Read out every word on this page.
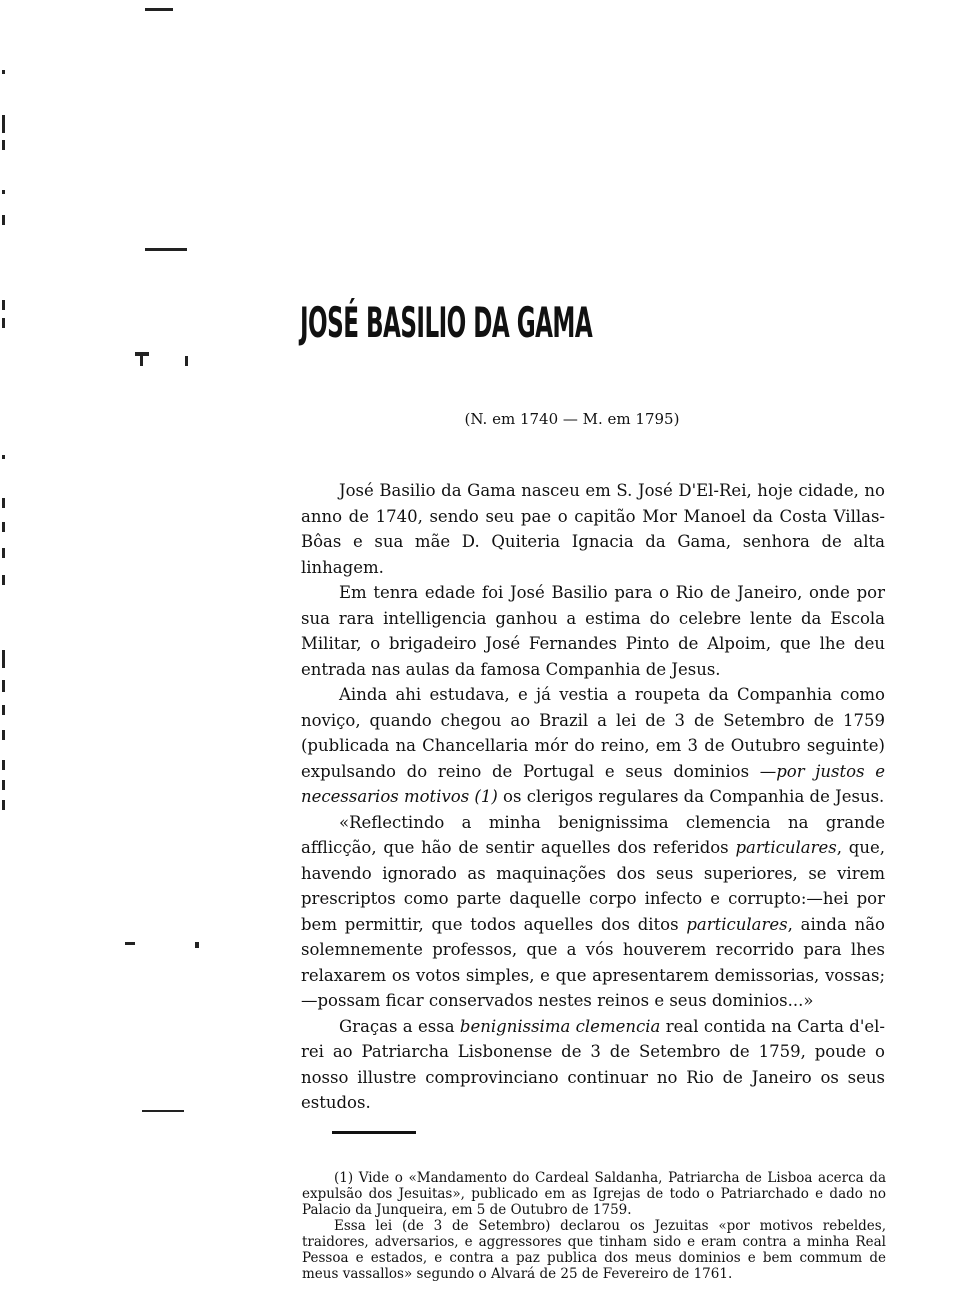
JOSÉ BASILIO DA GAMA
(N. em 1740 — M. em 1795)

José Basilio da Gama nasceu em S. José D'El-Rei, hoje cidade, no anno de 1740, sendo seu pae o capitão Mor Manoel da Costa Villas-Bôas e sua mãe D. Quiteria Ignacia da Gama, senhora de alta linhagem.

Em tenra edade foi José Basilio para o Rio de Janeiro, onde por sua rara intelligencia ganhou a estima do celebre lente da Escola Militar, o brigadeiro José Fernandes Pinto de Alpoim, que lhe deu entrada nas aulas da famosa Companhia de Jesus.

Ainda ahi estudava, e já vestia a roupeta da Companhia como noviço, quando chegou ao Brazil a lei de 3 de Setembro de 1759 (publicada na Chancellaria mór do reino, em 3 de Outubro seguinte) expulsando do reino de Portugal e seus dominios —por justos e necessarios motivos (1) os clerigos regulares da Companhia de Jesus.

«Reflectindo a minha benignissima clemencia na grande afflicção, que hão de sentir aquelles dos referidos particulares, que, havendo ignorado as maquinações dos seus superiores, se virem prescriptos como parte daquelle corpo infecto e corrupto:—hei por bem permittir, que todos aquelles dos ditos particulares, ainda não solemnemente professos, que a vós houverem recorrido para lhes relaxarem os votos simples, e que apresentarem demissorias, vossas;—possam ficar conservados nestes reinos e seus dominios...»

Graças a essa benignissima clemencia real contida na Carta d'el-rei ao Patriarcha Lisbonense de 3 de Setembro de 1759, poude o nosso illustre comprovinciano continuar no Rio de Janeiro os seus estudos.

(1) Vide o «Mandamento do Cardeal Saldanha, Patriarcha de Lisboa acerca da expulsão dos Jesuitas», publicado em as Igrejas de todo o Patriarchado e dado no Palacio da Junqueira, em 5 de Outubro de 1759.

Essa lei (de 3 de Setembro) declarou os Jezuitas «por motivos rebeldes, traidores, adversarios, e aggressores que tinham sido e eram contra a minha Real Pessoa e estados, e contra a paz publica dos meus dominios e bem commum de meus vassallos» segundo o Alvará de 25 de Fevereiro de 1761.
